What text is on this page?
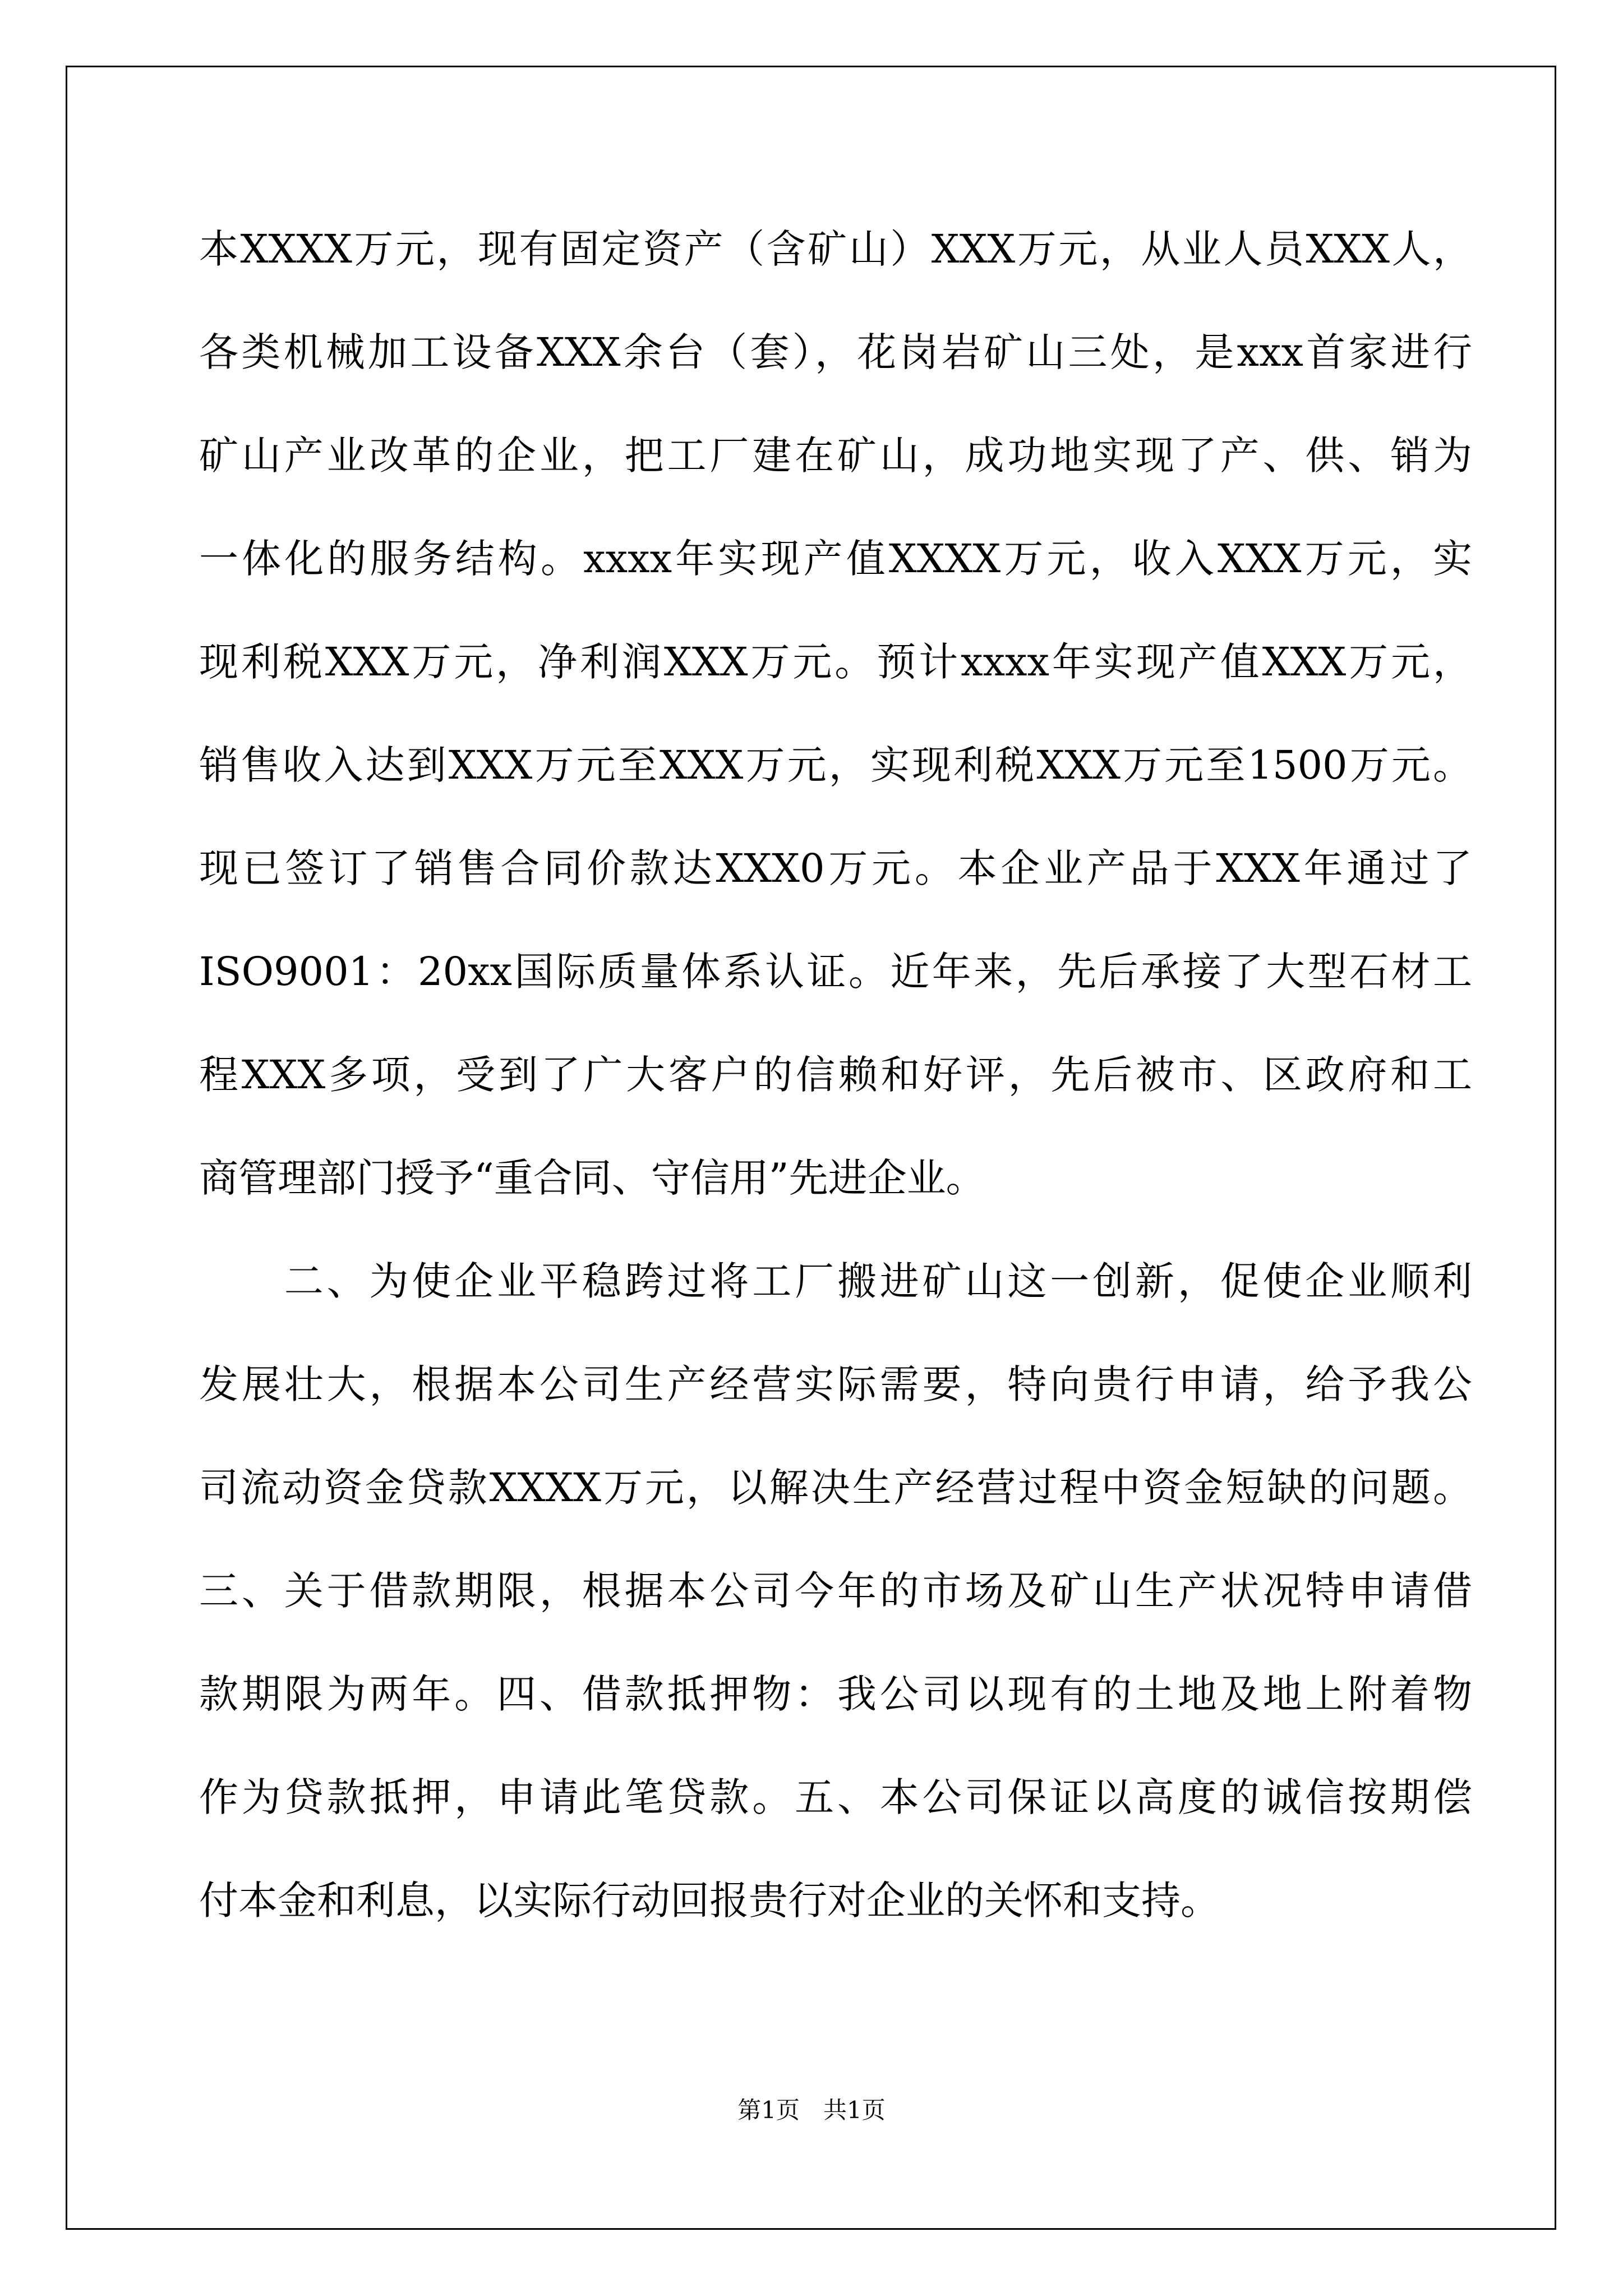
本XXXX万元，现有固定资产（含矿山）XXX万元，从业人员XXX人，
各类机械加工设备XXX余台（套），花岗岩矿山三处，是xxx首家进行
矿山产业改革的企业，把工厂建在矿山，成功地实现了产、供、销为
一体化的服务结构。xxxx年实现产值XXXX万元，收入XXX万元，实
现利税XXX万元，净利润XXX万元。预计xxxx年实现产值XXX万元，
销售收入达到XXX万元至XXX万元，实现利税XXX万元至1500万元。
现已签订了销售合同价款达XXX0万元。本企业产品于XXX年通过了
ISO9001：20xx国际质量体系认证。近年来，先后承接了大型石材工
程XXX多项，受到了广大客户的信赖和好评，先后被市、区政府和工
商管理部门授予“重合同、守信用”先进企业。
　　二、为使企业平稳跨过将工厂搬进矿山这一创新，促使企业顺利
发展壮大，根据本公司生产经营实际需要，特向贵行申请，给予我公
司流动资金贷款XXXX万元，以解决生产经营过程中资金短缺的问题。
三、关于借款期限，根据本公司今年的市场及矿山生产状况特申请借
款期限为两年。四、借款抵押物：我公司以现有的土地及地上附着物
作为贷款抵押，申请此笔贷款。五、本公司保证以高度的诚信按期偿
付本金和利息，以实际行动回报贵行对企业的关怀和支持。
第1页　共1页
